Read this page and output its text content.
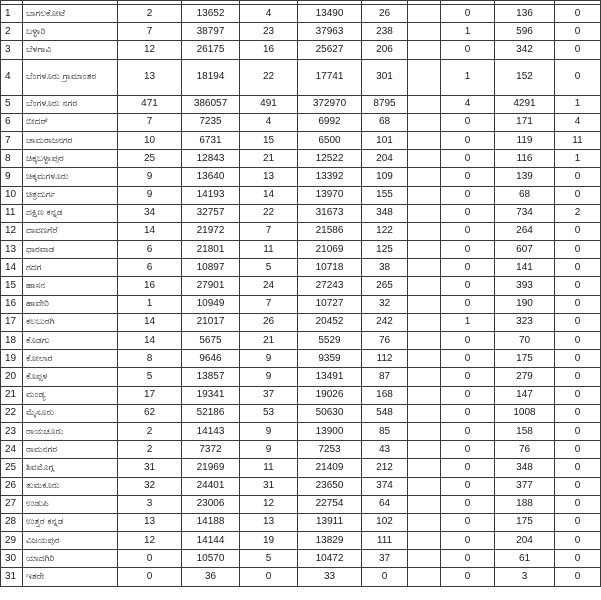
1	ಬಾಗಲಕೋಟೆ	2	13652	4	13490	26		0	136	0
2	ಬಳ್ಳಾರಿ	7	38797	23	37963	238		1	596	0
3	ಬೆಳಗಾವಿ	12	26175	16	25627	206		0	342	0
4	ಬೆಂಗಳೂರು ಗ್ರಾಮಾಂತರ	13	18194	22	17741	301		1	152	0
5	ಬೆಂಗಳೂರು ನಗರ	471	386057	491	372970	8795		4	4291	1
6	ಬೀದರ್	7	7235	4	6992	68		0	171	4
7	ಚಾಮರಾಜನಗರ	10	6731	15	6500	101		0	119	11
8	ಚಿಕ್ಕಬಳ್ಳಾಪುರ	25	12843	21	12522	204		0	116	1
9	ಚಿಕ್ಕಮಗಳೂರು	9	13640	13	13392	109		0	139	0
10	ಚಿತ್ರದುರ್ಗ	9	14193	14	13970	155		0	68	0
11	ದಕ್ಷಿಣ ಕನ್ನಡ	34	32757	22	31673	348		0	734	2
12	ದಾವಣಗೆರೆ	14	21972	7	21586	122		0	264	0
13	ಧಾರವಾಡ	6	21801	11	21069	125		0	607	0
14	ಗದಗ	6	10897	5	10718	38		0	141	0
15	ಹಾಸನ	16	27901	24	27243	265		0	393	0
16	ಹಾವೇರಿ	1	10949	7	10727	32		0	190	0
17	ಕಲಬುರಗಿ	14	21017	26	20452	242		1	323	0
18	ಕೊಡಗು	14	5675	21	5529	76		0	70	0
19	ಕೋಲಾರ	8	9646	9	9359	112		0	175	0
20	ಕೊಪ್ಪಳ	5	13857	9	13491	87		0	279	0
21	ಮಂಡ್ಯ	17	19341	37	19026	168		0	147	0
22	ಮೈಸೂರು	62	52186	53	50630	548		0	1008	0
23	ರಾಯಚೂರು	2	14143	9	13900	85		0	158	0
24	ರಾಮನಗರ	2	7372	9	7253	43		0	76	0
25	ಶಿವಮೊಗ್ಗ	31	21969	11	21409	212		0	348	0
26	ತುಮಕೂರು	32	24401	31	23650	374		0	377	0
27	ಉಡುಪಿ	3	23006	12	22754	64		0	188	0
28	ಉತ್ತರ ಕನ್ನಡ	13	14188	13	13911	102		0	175	0
29	ವಿಜಯಪುರ	12	14144	19	13829	111		0	204	0
30	ಯಾದಗಿರಿ	0	10570	5	10472	37		0	61	0
31	ಇತರೇ	0	36	0	33	0		0	3	0
